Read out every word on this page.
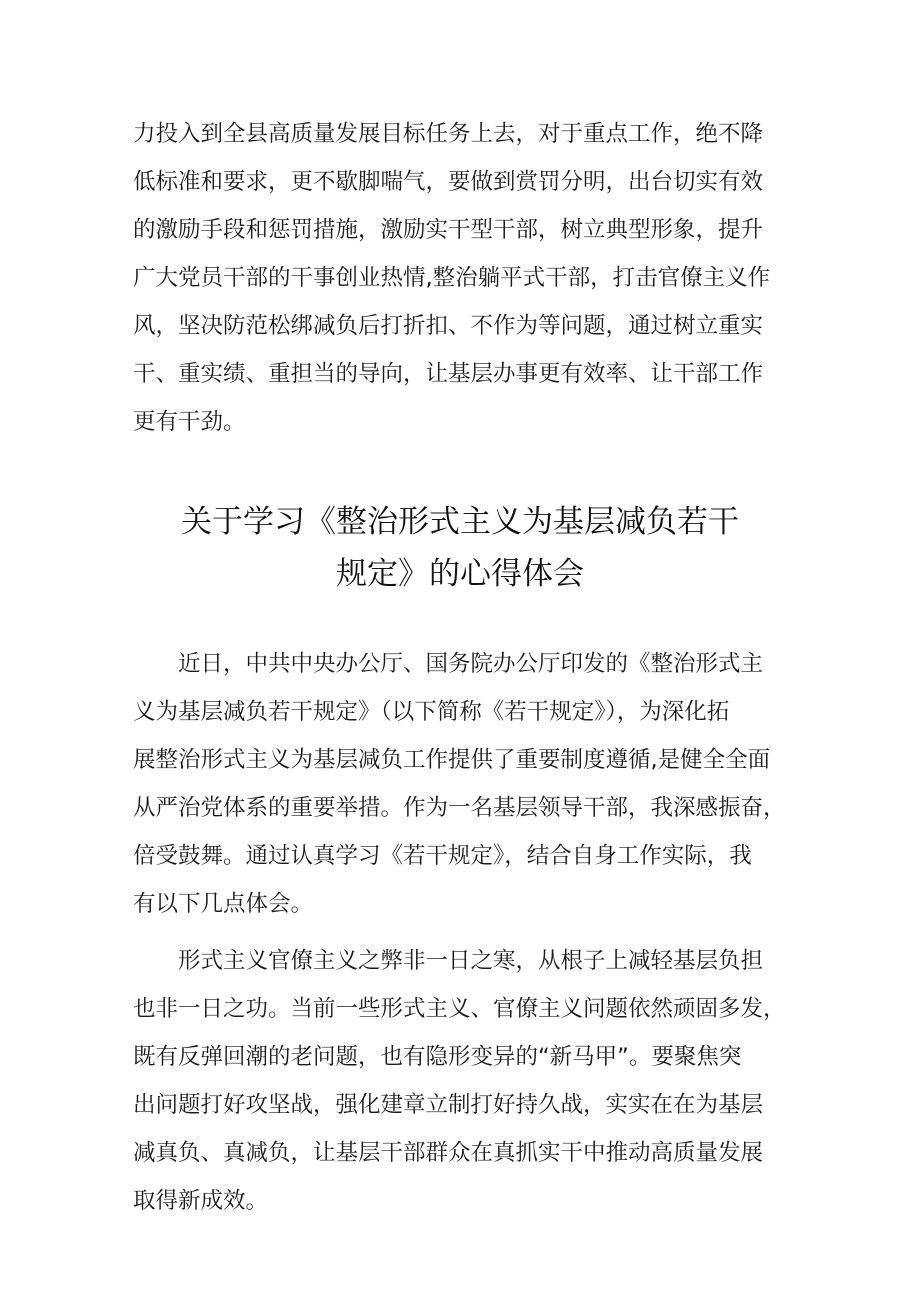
力投入到全县高质量发展目标任务上去，对于重点工作，绝不降
低标准和要求，更不歇脚喘气，要做到赏罚分明，出台切实有效
的激励手段和惩罚措施，激励实干型干部，树立典型形象，提升
广大党员干部的干事创业热情,整治躺平式干部，打击官僚主义作
风，坚决防范松绑减负后打折扣、不作为等问题，通过树立重实
干、重实绩、重担当的导向，让基层办事更有效率、让干部工作
更有干劲。
关于学习《整治形式主义为基层减负若干
规定》的心得体会
近日，中共中央办公厅、国务院办公厅印发的《整治形式主
义为基层减负若干规定》（以下简称《若干规定》），为深化拓
展整治形式主义为基层减负工作提供了重要制度遵循,是健全全面
从严治党体系的重要举措。作为一名基层领导干部，我深感振奋，
倍受鼓舞。通过认真学习《若干规定》，结合自身工作实际，我
有以下几点体会。
形式主义官僚主义之弊非一日之寒，从根子上减轻基层负担
也非一日之功。当前一些形式主义、官僚主义问题依然顽固多发，
既有反弹回潮的老问题，也有隐形变异的“新马甲”。要聚焦突
出问题打好攻坚战，强化建章立制打好持久战，实实在在为基层
减真负、真减负，让基层干部群众在真抓实干中推动高质量发展
取得新成效。
